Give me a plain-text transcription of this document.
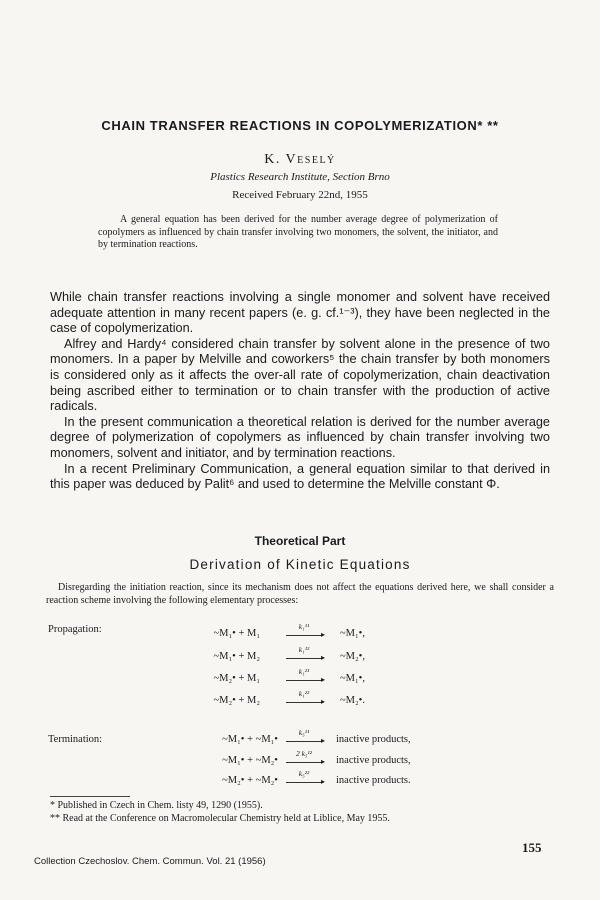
CHAIN TRANSFER REACTIONS IN COPOLYMERIZATION* **
K. Veselý
Plastics Research Institute, Section Brno
Received February 22nd, 1955
A general equation has been derived for the number average degree of polymerization of copolymers as influenced by chain transfer involving two monomers, the solvent, the initiator, and by termination reactions.

While chain transfer reactions involving a single monomer and solvent have received adequate attention in many recent papers (e. g. cf.¹⁻³), they have been neglected in the case of copolymerization.

Alfrey and Hardy⁴ considered chain transfer by solvent alone in the presence of two monomers. In a paper by Melville and coworkers⁵ the chain transfer by both monomers is considered only as it affects the over-all rate of copolymerization, chain deactivation being ascribed either to termination or to chain transfer with the production of active radicals.

In the present communication a theoretical relation is derived for the number average degree of polymerization of copolymers as influenced by chain transfer involving two monomers, solvent and initiator, and by termination reactions.

In a recent Preliminary Communication, a general equation similar to that derived in this paper was deduced by Palit⁶ and used to determine the Melville constant Φ.

Theoretical Part
Derivation of Kinetic Equations
Disregarding the initiation reaction, since its mechanism does not affect the equations derived here, we shall consider a reaction scheme involving the following elementary processes:
Propagation:	~M₁• + M₁
k₁¹¹
▸ ~M₁•,
~M₁• + M₂
k₁¹²
▸ ~M₂•,
~M₂• + M₁
k₁²¹
▸ ~M₁•,
~M₂• + M₂
k₁²²
▸ ~M₂•.
Termination:	~M₁• + ~M₁•
k₅¹¹
▸ inactive products,
~M₁• + ~M₂•
2 k₅¹²
▸ inactive products,
~M₂• + ~M₂•
k₅²²
▸ inactive products.
* Published in Czech in Chem. listy 49, 1290 (1955).
** Read at the Conference on Macromolecular Chemistry held at Liblice, May 1955.
155
Collection Czechoslov. Chem. Commun. Vol. 21 (1956)
